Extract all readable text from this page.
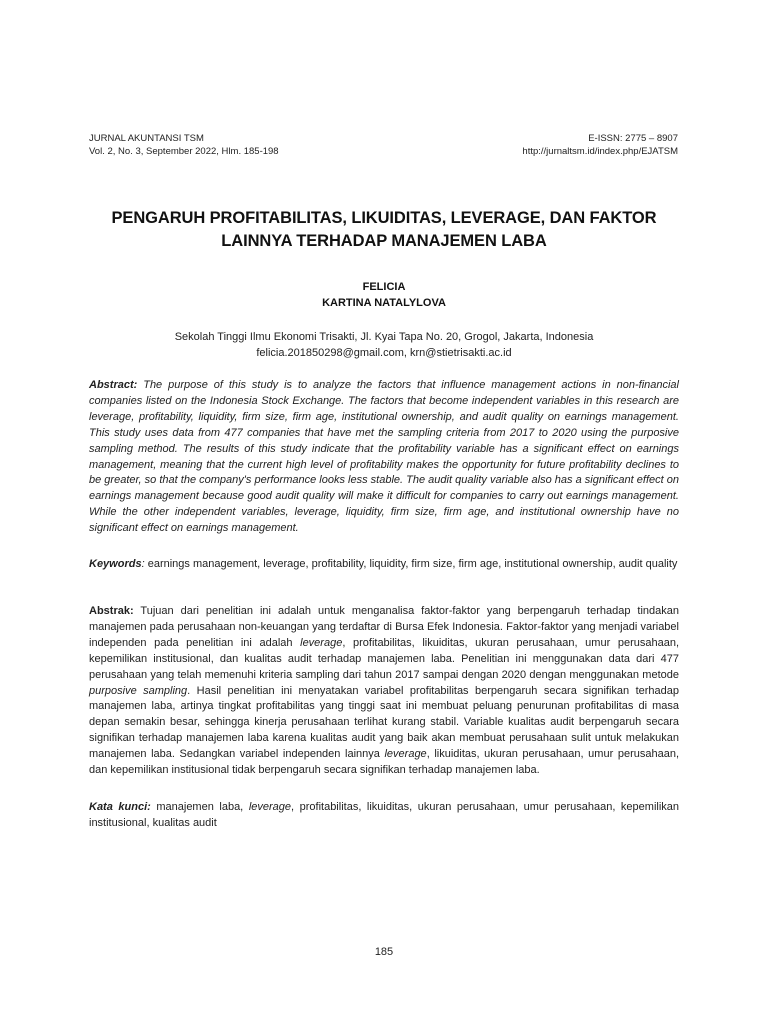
JURNAL AKUNTANSI TSM
Vol. 2, No. 3, September 2022, Hlm. 185-198
E-ISSN: 2775 – 8907
http://jurnaltsm.id/index.php/EJATSM
PENGARUH PROFITABILITAS, LIKUIDITAS, LEVERAGE, DAN FAKTOR
LAINNYA TERHADAP MANAJEMEN LABA
FELICIA
KARTINA NATALYLOVA
Sekolah Tinggi Ilmu Ekonomi Trisakti, Jl. Kyai Tapa No. 20, Grogol, Jakarta, Indonesia
felicia.201850298@gmail.com, krn@stietrisakti.ac.id
Abstract: The purpose of this study is to analyze the factors that influence management actions in non-financial companies listed on the Indonesia Stock Exchange. The factors that become independent variables in this research are leverage, profitability, liquidity, firm size, firm age, institutional ownership, and audit quality on earnings management. This study uses data from 477 companies that have met the sampling criteria from 2017 to 2020 using the purposive sampling method. The results of this study indicate that the profitability variable has a significant effect on earnings management, meaning that the current high level of profitability makes the opportunity for future profitability declines to be greater, so that the company's performance looks less stable. The audit quality variable also has a significant effect on earnings management because good audit quality will make it difficult for companies to carry out earnings management. While the other independent variables, leverage, liquidity, firm size, firm age, and institutional ownership have no significant effect on earnings management.
Keywords: earnings management, leverage, profitability, liquidity, firm size, firm age, institutional ownership, audit quality
Abstrak: Tujuan dari penelitian ini adalah untuk menganalisa faktor-faktor yang berpengaruh terhadap tindakan manajemen pada perusahaan non-keuangan yang terdaftar di Bursa Efek Indonesia. Faktor-faktor yang menjadi variabel independen pada penelitian ini adalah leverage, profitabilitas, likuiditas, ukuran perusahaan, umur perusahaan, kepemilikan institusional, dan kualitas audit terhadap manajemen laba. Penelitian ini menggunakan data dari 477 perusahaan yang telah memenuhi kriteria sampling dari tahun 2017 sampai dengan 2020 dengan menggunakan metode purposive sampling. Hasil penelitian ini menyatakan variabel profitabilitas berpengaruh secara signifikan terhadap manajemen laba, artinya tingkat profitabilitas yang tinggi saat ini membuat peluang penurunan profitabilitas di masa depan semakin besar, sehingga kinerja perusahaan terlihat kurang stabil. Variable kualitas audit berpengaruh secara signifikan terhadap manajemen laba karena kualitas audit yang baik akan membuat perusahaan sulit untuk melakukan manajemen laba. Sedangkan variabel independen lainnya leverage, likuiditas, ukuran perusahaan, umur perusahaan, dan kepemilikan institusional tidak berpengaruh secara signifikan terhadap manajemen laba.
Kata kunci: manajemen laba, leverage, profitabilitas, likuiditas, ukuran perusahaan, umur perusahaan, kepemilikan institusional, kualitas audit
185
